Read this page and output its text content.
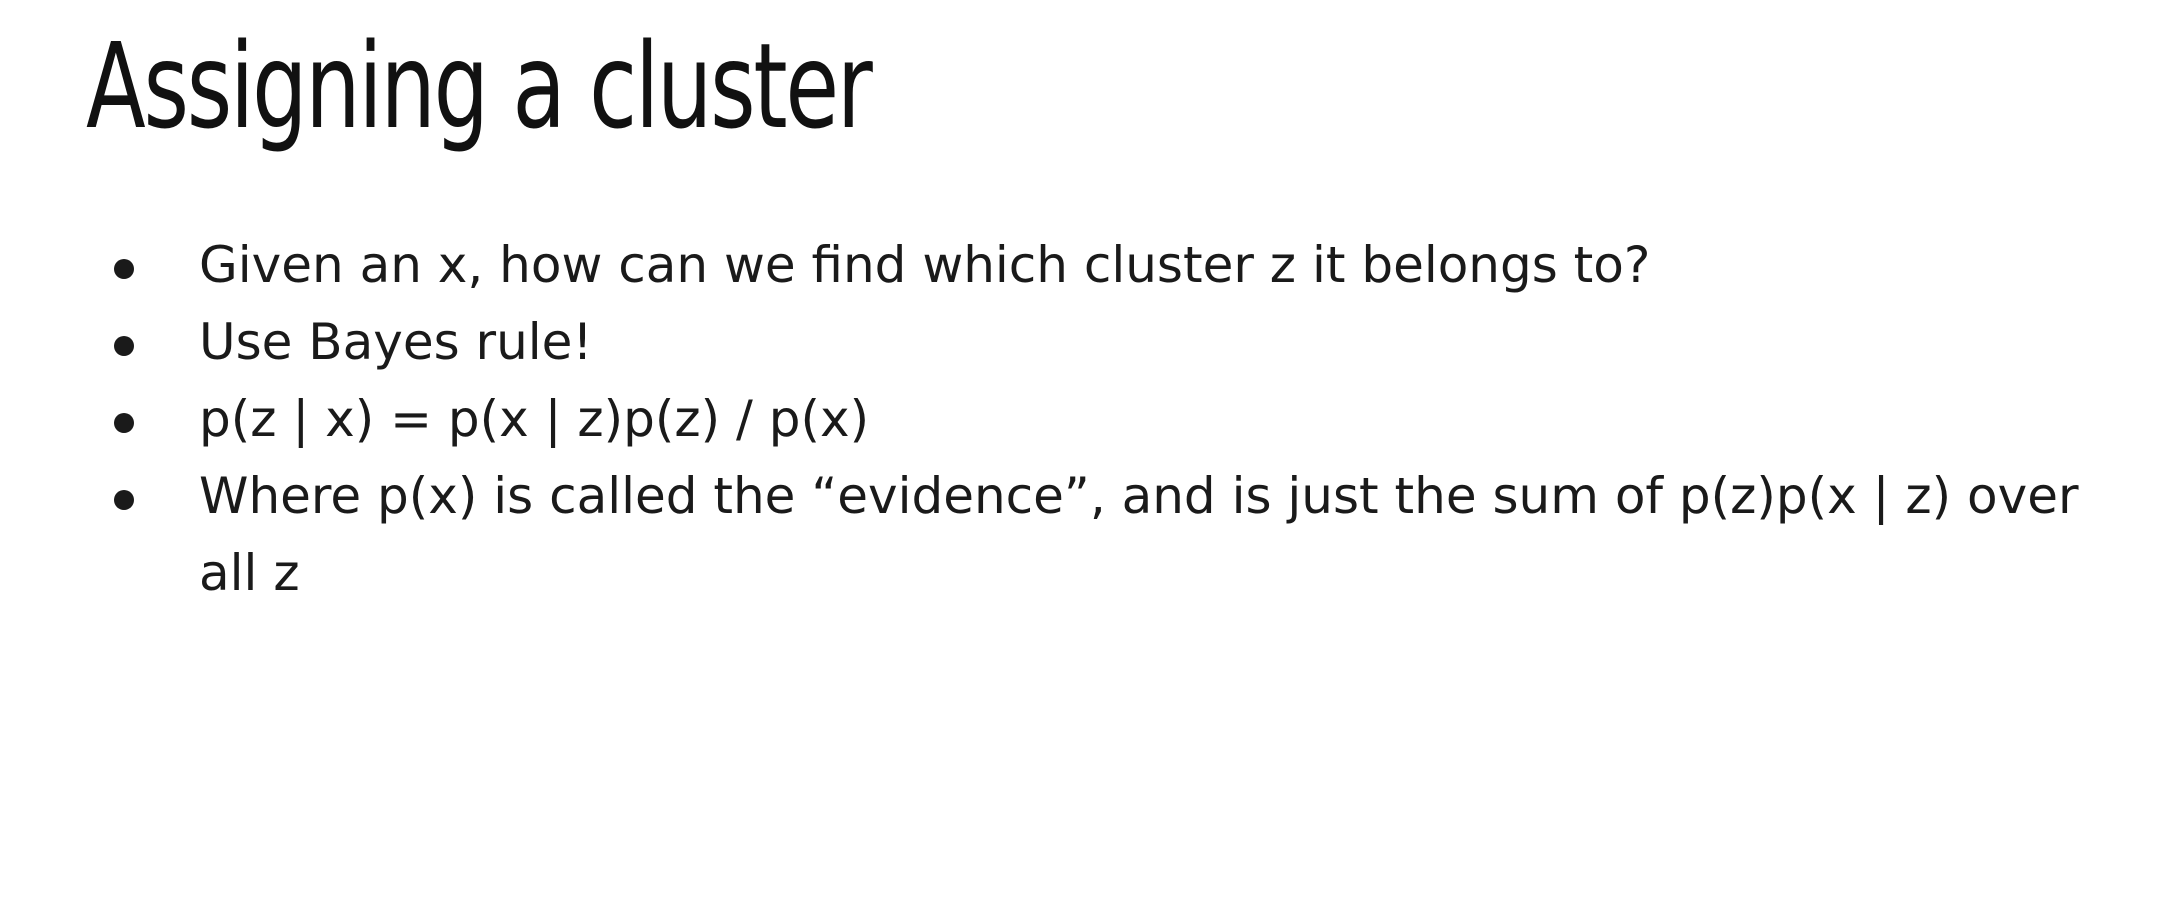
Assigning a cluster
Given an x, how can we find which cluster z it belongs to?
Use Bayes rule!
p(z | x) = p(x | z)p(z) / p(x)
Where p(x) is called the “evidence”, and is just the sum of p(z)p(x | z) over all z
